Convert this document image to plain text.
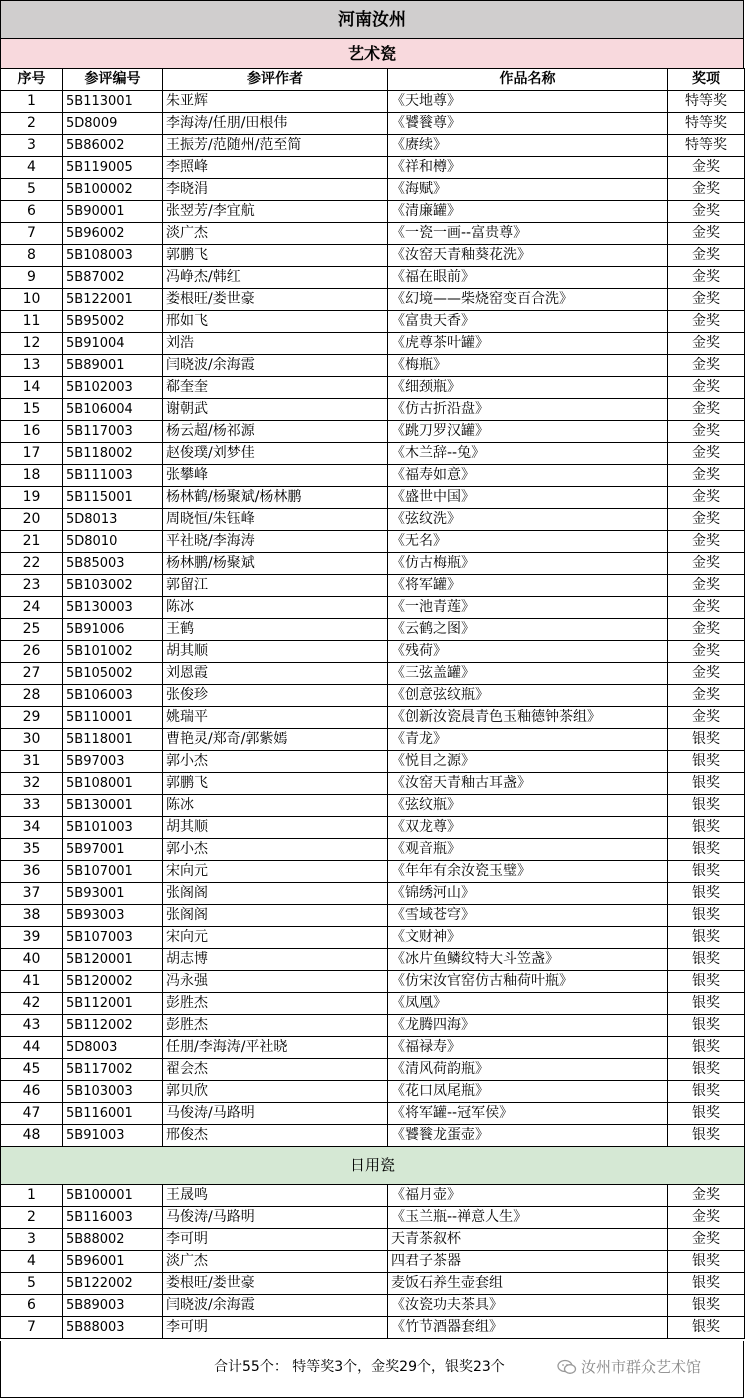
河南汝州
艺术瓷
序号	参评编号	参评作者	作品名称	奖项
1	5B113001	朱亚辉	《天地尊》	特等奖
2	5D8009	李海涛/任朋/田根伟	《饕餮尊》	特等奖
3	5B86002	王振芳/范随州/范至简	《赓续》	特等奖
4	5B119005	李照峰	《祥和樽》	金奖
5	5B100002	李晓涓	《海赋》	金奖
6	5B90001	张翌芳/李宜航	《清廉罐》	金奖
7	5B96002	淡广杰	《一瓷一画--富贵尊》	金奖
8	5B108003	郭鹏飞	《汝窑天青釉葵花洗》	金奖
9	5B87002	冯峥杰/韩红	《福在眼前》	金奖
10	5B122001	娄根旺/娄世豪	《幻境——柴烧窑变百合洗》	金奖
11	5B95002	邢如飞	《富贵天香》	金奖
12	5B91004	刘浩	《虎尊茶叶罐》	金奖
13	5B89001	闫晓波/余海霞	《梅瓶》	金奖
14	5B102003	郗奎奎	《细颈瓶》	金奖
15	5B106004	谢朝武	《仿古折沿盘》	金奖
16	5B117003	杨云超/杨祁源	《跳刀罗汉罐》	金奖
17	5B118002	赵俊璞/刘梦佳	《木兰辞--兔》	金奖
18	5B111003	张攀峰	《福寿如意》	金奖
19	5B115001	杨林鹤/杨聚斌/杨林鹏	《盛世中国》	金奖
20	5D8013	周晓恒/朱钰峰	《弦纹洗》	金奖
21	5D8010	平社晓/李海涛	《无名》	金奖
22	5B85003	杨林鹏/杨聚斌	《仿古梅瓶》	金奖
23	5B103002	郭留江	《将军罐》	金奖
24	5B130003	陈冰	《一池青莲》	金奖
25	5B91006	王鹤	《云鹤之图》	金奖
26	5B101002	胡其顺	《残荷》	金奖
27	5B105002	刘恩霞	《三弦盖罐》	金奖
28	5B106003	张俊珍	《创意弦纹瓶》	金奖
29	5B110001	姚瑞平	《创新汝瓷晨青色玉釉德钟茶组》	金奖
30	5B118001	曹艳灵/郑奇/郭紫嫣	《青龙》	银奖
31	5B97003	郭小杰	《悦目之源》	银奖
32	5B108001	郭鹏飞	《汝窑天青釉古耳盏》	银奖
33	5B130001	陈冰	《弦纹瓶》	银奖
34	5B101003	胡其顺	《双龙尊》	银奖
35	5B97001	郭小杰	《观音瓶》	银奖
36	5B107001	宋向元	《年年有余汝瓷玉璧》	银奖
37	5B93001	张阁阁	《锦绣河山》	银奖
38	5B93003	张阁阁	《雪域苍穹》	银奖
39	5B107003	宋向元	《文财神》	银奖
40	5B120001	胡志博	《冰片鱼鳞纹特大斗笠盏》	银奖
41	5B120002	冯永强	《仿宋汝官窑仿古釉荷叶瓶》	银奖
42	5B112001	彭胜杰	《凤凰》	银奖
43	5B112002	彭胜杰	《龙腾四海》	银奖
44	5D8003	任朋/李海涛/平社晓	《福禄寿》	银奖
45	5B117002	翟会杰	《清风荷韵瓶》	银奖
46	5B103003	郭贝欣	《花口凤尾瓶》	银奖
47	5B116001	马俊涛/马路明	《将军罐--冠军侯》	银奖
48	5B91003	邢俊杰	《饕餮龙蛋壶》	银奖
日用瓷				
1	5B100001	王晟鸣	《福月壶》	金奖
2	5B116003	马俊涛/马路明	《玉兰瓶--禅意人生》	金奖
3	5B88002	李可明	天青茶叙杯	金奖
4	5B96001	淡广杰	四君子茶器	银奖
5	5B122002	娄根旺/娄世豪	麦饭石养生壶套组	银奖
6	5B89003	闫晓波/余海霞	《汝瓷功夫茶具》	银奖
7	5B88003	李可明	《竹节酒器套组》	银奖
合计55个： 特等奖3个，金奖29个，银奖23个	汝州市群众艺术馆
